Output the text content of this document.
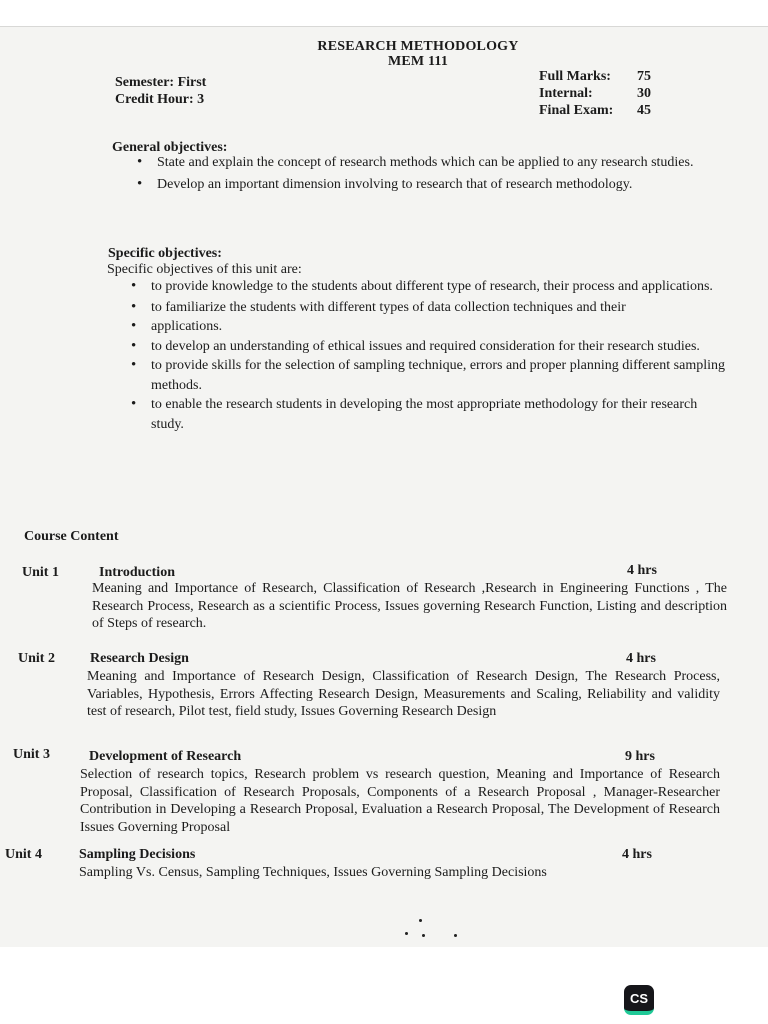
RESEARCH METHODOLOGY
MEM 111
Semester: First
Credit Hour: 3
Full Marks:	75
Internal:	30
Final Exam:	45
General objectives:
• State and explain the concept of research methods which can be applied to any research studies.
• Develop an important dimension involving to research that of research methodology.
Specific objectives:
Specific objectives of this unit are:
• to provide knowledge to the students about different type of research, their process and applications.
• to familiarize the students with different types of data collection techniques and their
• applications.
• to develop an understanding of ethical issues and required consideration for their research studies.
• to provide skills for the selection of sampling technique, errors and proper planning different sampling methods.
• to enable the research students in developing the most appropriate methodology for their research study.
Course Content
Unit 1	Introduction	4 hrs
Meaning and Importance of Research, Classification of Research ,Research in Engineering Functions , The Research Process, Research as a scientific Process, Issues governing Research Function, Listing and description of Steps of research.
Unit 2	Research Design	4 hrs
Meaning and Importance of Research Design, Classification of Research Design, The Research Process, Variables, Hypothesis, Errors Affecting Research Design, Measurements and Scaling, Reliability and validity test of research, Pilot test, field study, Issues Governing Research Design
Unit 3	Development of Research	9 hrs
Selection of research topics, Research problem vs research question, Meaning and Importance of Research Proposal, Classification of Research Proposals, Components of a Research Proposal , Manager-Researcher Contribution in Developing a Research Proposal, Evaluation a Research Proposal, The Development of Research Issues Governing Proposal
Unit 4	Sampling Decisions	4 hrs
Sampling Vs. Census, Sampling Techniques, Issues Governing Sampling Decisions
CS
